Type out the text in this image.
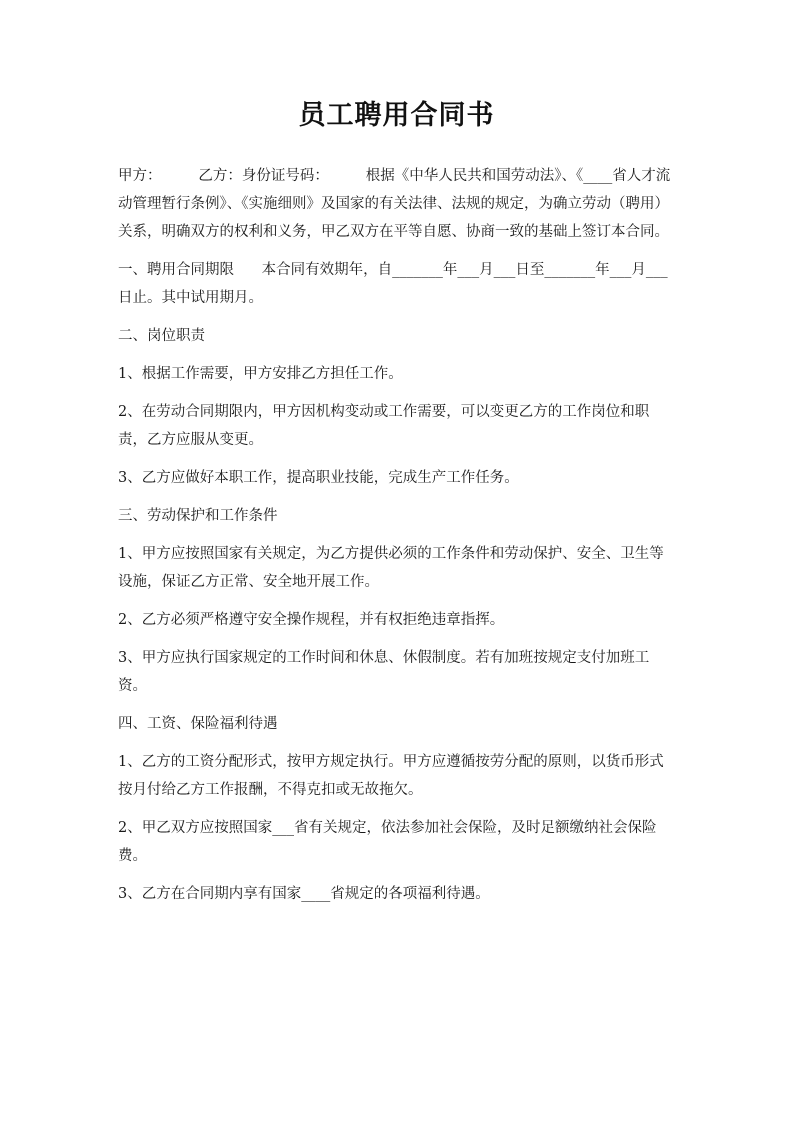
员工聘用合同书

甲方：        乙方：身份证号码：        根据《中华人民共和国劳动法》、《____省人才流动管理暂行条例》、《实施细则》及国家的有关法律、法规的规定，为确立劳动（聘用）关系，明确双方的权利和义务，甲乙双方在平等自愿、协商一致的基础上签订本合同。

一、聘用合同期限      本合同有效期年，自_______年___月___日至_______年___月___日止。其中试用期月。

二、岗位职责

1、根据工作需要，甲方安排乙方担任工作。

2、在劳动合同期限内，甲方因机构变动或工作需要，可以变更乙方的工作岗位和职责，乙方应服从变更。

3、乙方应做好本职工作，提高职业技能，完成生产工作任务。

三、劳动保护和工作条件

1、甲方应按照国家有关规定，为乙方提供必须的工作条件和劳动保护、安全、卫生等设施，保证乙方正常、安全地开展工作。

2、乙方必须严格遵守安全操作规程，并有权拒绝违章指挥。

3、甲方应执行国家规定的工作时间和休息、休假制度。若有加班按规定支付加班工资。

四、工资、保险福利待遇

1、乙方的工资分配形式，按甲方规定执行。甲方应遵循按劳分配的原则，以货币形式按月付给乙方工作报酬，不得克扣或无故拖欠。

2、甲乙双方应按照国家___省有关规定，依法参加社会保险，及时足额缴纳社会保险费。

3、乙方在合同期内享有国家____省规定的各项福利待遇。
